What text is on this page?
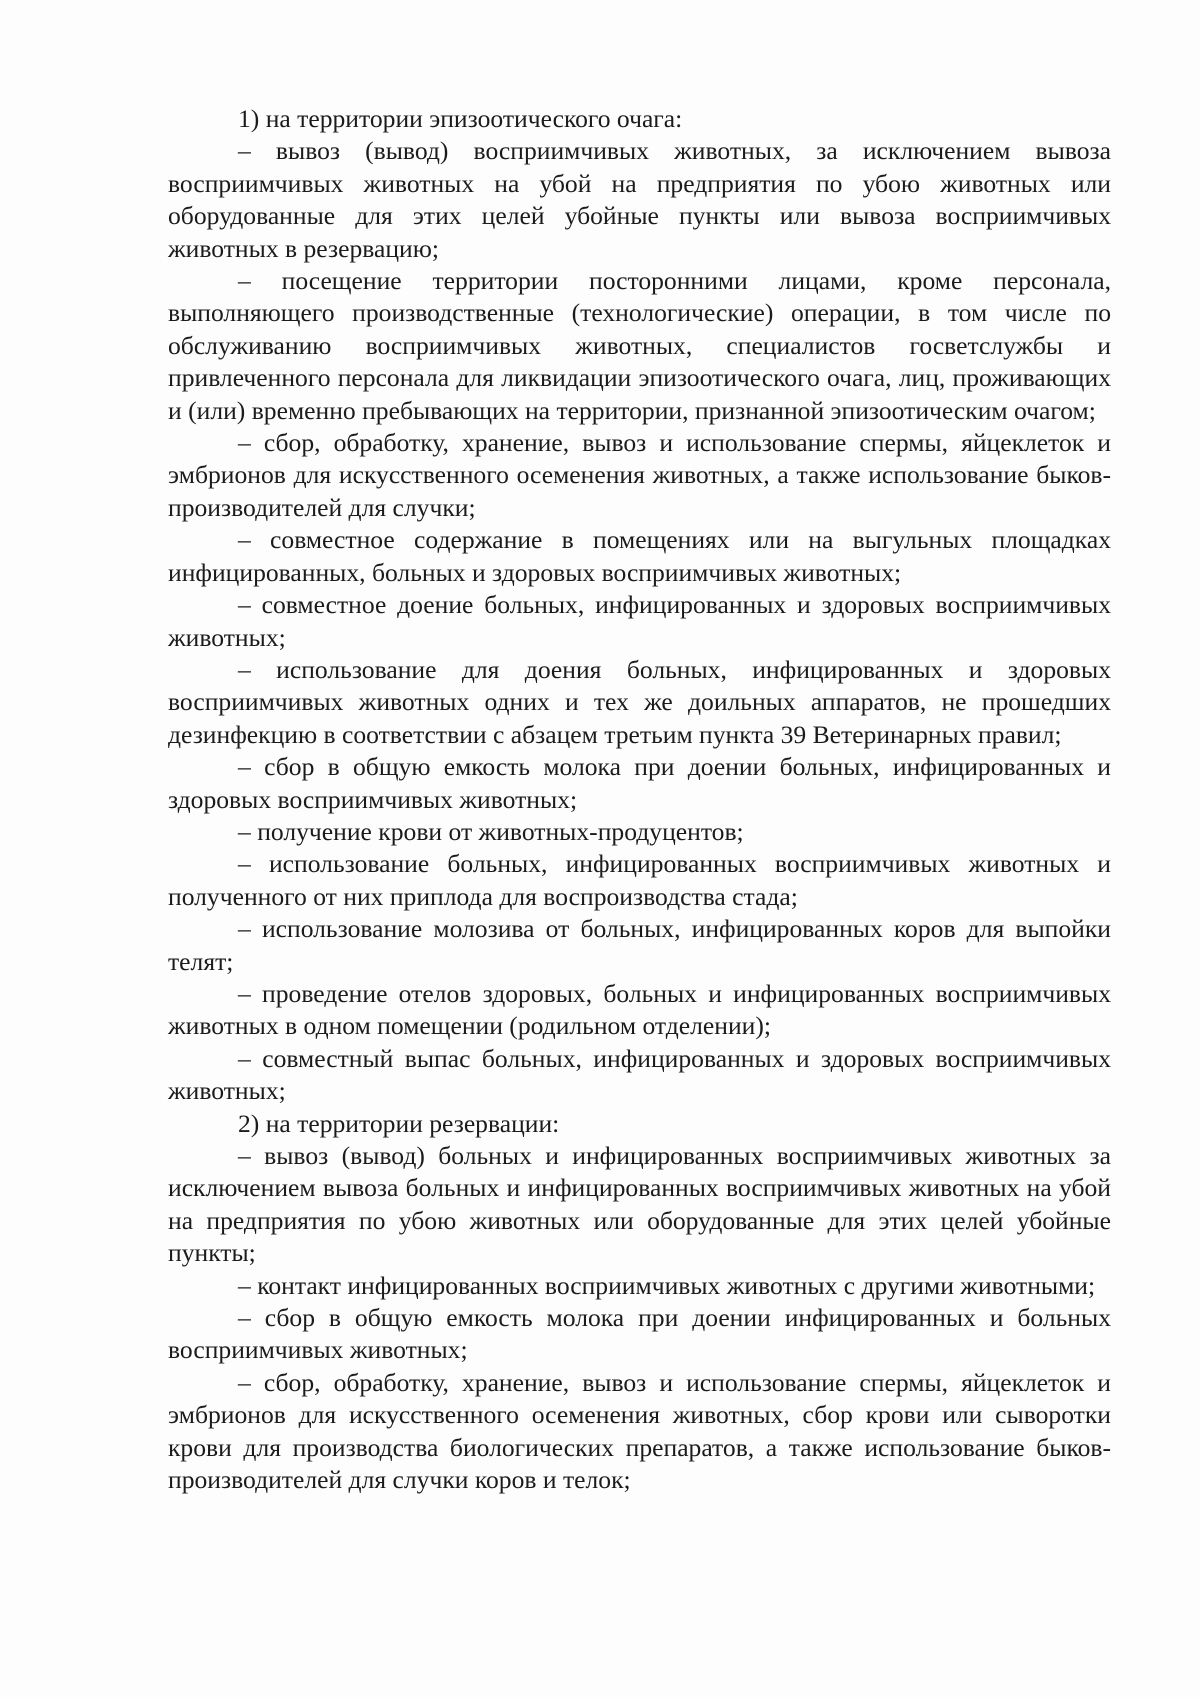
1) на территории эпизоотического очага:

– вывоз (вывод) восприимчивых животных, за исключением вывоза восприимчивых животных на убой на предприятия по убою животных или оборудованные для этих целей убойные пункты или вывоза восприимчивых животных в резервацию;

– посещение территории посторонними лицами, кроме персонала, выполняющего производственные (технологические) операции, в том числе по обслуживанию восприимчивых животных, специалистов госветслужбы и привлеченного персонала для ликвидации эпизоотического очага, лиц, проживающих и (или) временно пребывающих на территории, признанной эпизоотическим очагом;

– сбор, обработку, хранение, вывоз и использование спермы, яйцеклеток и эмбрионов для искусственного осеменения животных, а также использование быков-производителей для случки;

– совместное содержание в помещениях или на выгульных площадках инфицированных, больных и здоровых восприимчивых животных;

– совместное доение больных, инфицированных и здоровых восприимчивых животных;

– использование для доения больных, инфицированных и здоровых восприимчивых животных одних и тех же доильных аппаратов, не прошедших дезинфекцию в соответствии с абзацем третьим пункта 39 Ветеринарных правил;

– сбор в общую емкость молока при доении больных, инфицированных и здоровых восприимчивых животных;

– получение крови от животных-продуцентов;

– использование больных, инфицированных восприимчивых животных и полученного от них приплода для воспроизводства стада;

– использование молозива от больных, инфицированных коров для выпойки телят;

– проведение отелов здоровых, больных и инфицированных восприимчивых животных в одном помещении (родильном отделении);

– совместный выпас больных, инфицированных и здоровых восприимчивых животных;

2) на территории резервации:

– вывоз (вывод) больных и инфицированных восприимчивых животных за исключением вывоза больных и инфицированных восприимчивых животных на убой на предприятия по убою животных или оборудованные для этих целей убойные пункты;

– контакт инфицированных восприимчивых животных с другими животными;

– сбор в общую емкость молока при доении инфицированных и больных восприимчивых животных;

– сбор, обработку, хранение, вывоз и использование спермы, яйцеклеток и эмбрионов для искусственного осеменения животных, сбор крови или сыворотки крови для производства биологических препаратов, а также использование быков-производителей для случки коров и телок;
